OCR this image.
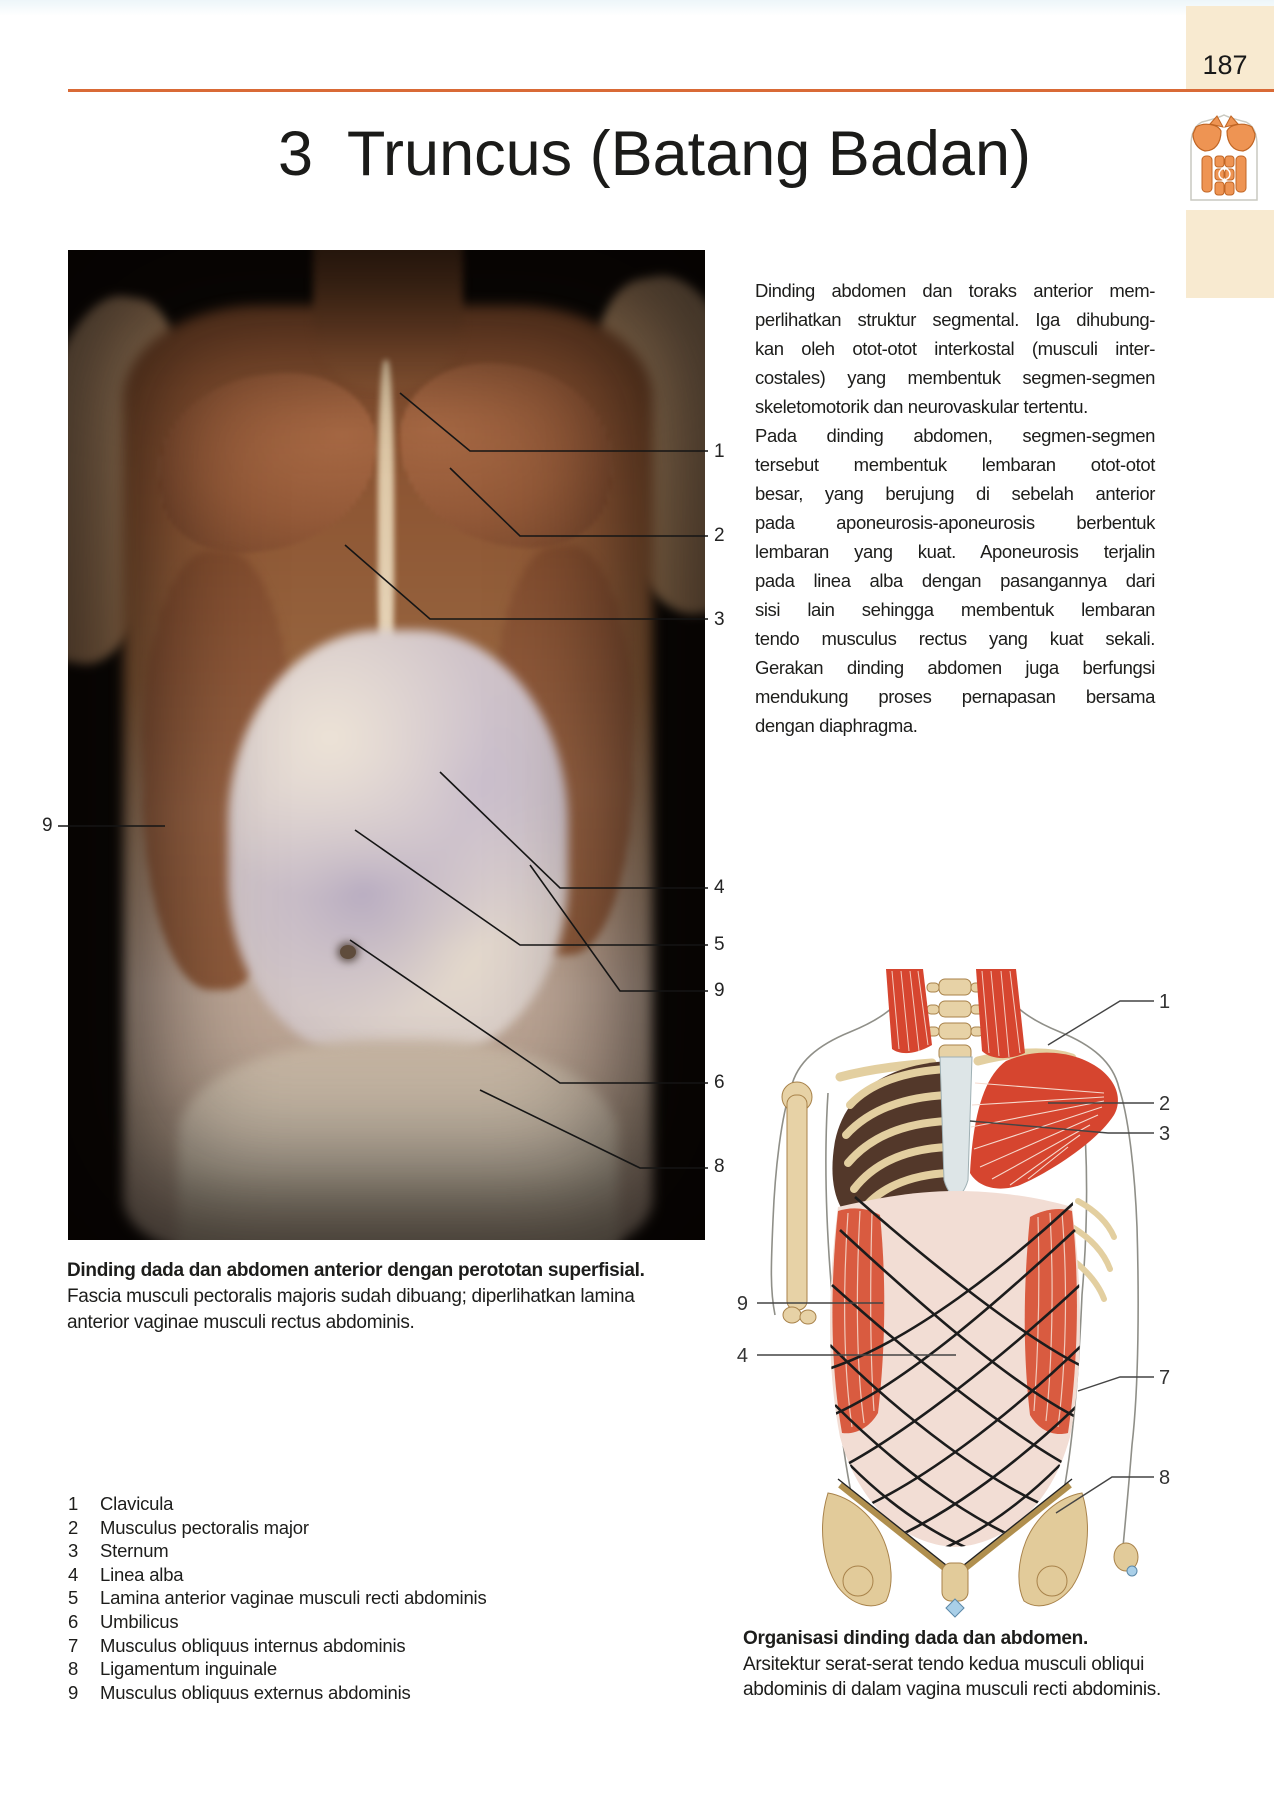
187
3  Truncus (Batang Badan)
1
2
3
4
5
9
6
8
9
Dinding abdomen dan toraks anterior mem-
perlihatkan struktur segmental. Iga dihubung-
kan oleh otot-otot interkostal (musculi inter-
costales) yang membentuk segmen-segmen
skeletomotorik dan neurovaskular tertentu.
Pada dinding abdomen, segmen-segmen
tersebut membentuk lembaran otot-otot
besar, yang berujung di sebelah anterior
pada aponeurosis-aponeurosis berbentuk
lembaran yang kuat. Aponeurosis terjalin
pada linea alba dengan pasangannya dari
sisi lain sehingga membentuk lembaran
tendo musculus rectus yang kuat sekali.
Gerakan dinding abdomen juga berfungsi
mendukung proses pernapasan bersama
dengan diaphragma.
Dinding dada dan abdomen anterior dengan perototan superfisial.
Fascia musculi pectoralis majoris sudah dibuang; diperlihatkan lamina
anterior vaginae musculi rectus abdominis.
1	Clavicula
2	Musculus pectoralis major
3	Sternum
4	Linea alba
5	Lamina anterior vaginae musculi recti abdominis
6	Umbilicus
7	Musculus obliquus internus abdominis
8	Ligamentum inguinale
9	Musculus obliquus externus abdominis
1
2
3
9
4
7
8
Organisasi dinding dada dan abdomen.
Arsitektur serat-serat tendo kedua musculi obliqui
abdominis di dalam vagina musculi recti abdominis.
